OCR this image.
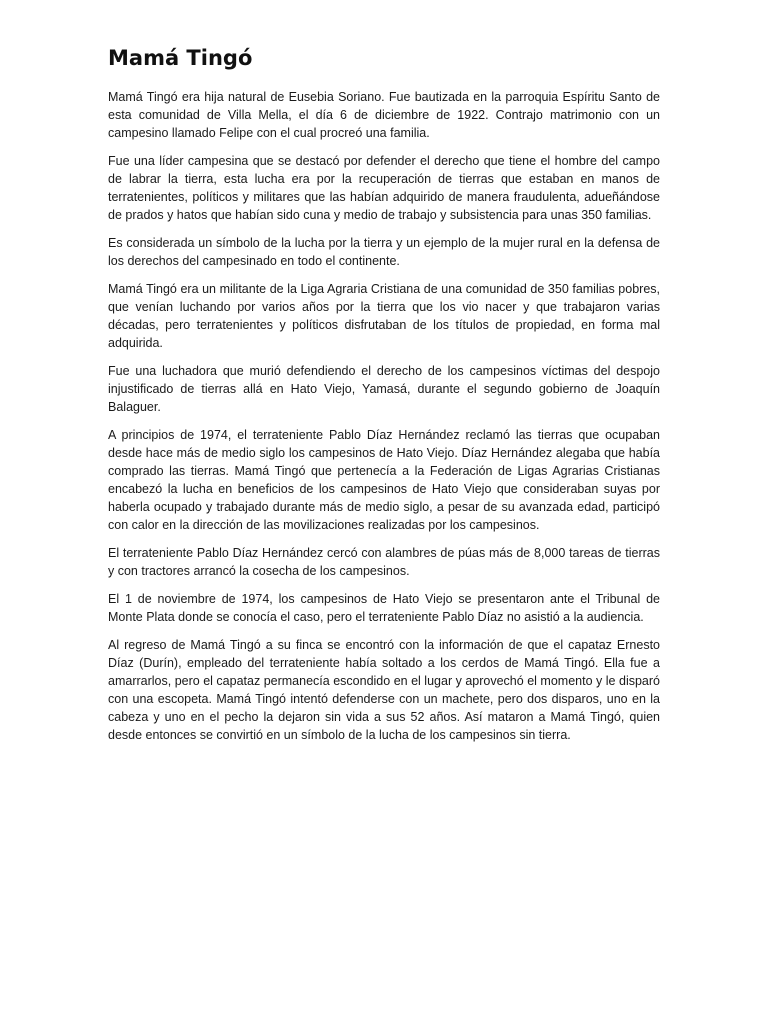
Mamá Tingó

Mamá Tingó era hija natural de Eusebia Soriano. Fue bautizada en la parroquia Espíritu Santo de esta comunidad de Villa Mella, el día 6 de diciembre de 1922. Contrajo matrimonio con un campesino llamado Felipe con el cual procreó una familia.

Fue una líder campesina que se destacó por defender el derecho que tiene el hombre del campo de labrar la tierra, esta lucha era por la recuperación de tierras que estaban en manos de terratenientes, políticos y militares que las habían adquirido de manera fraudulenta, adueñándose de prados y hatos que habían sido cuna y medio de trabajo y subsistencia para unas 350 familias.

Es considerada un símbolo de la lucha por la tierra y un ejemplo de la mujer rural en la defensa de los derechos del campesinado en todo el continente.

Mamá Tingó era un militante de la Liga Agraria Cristiana de una comunidad de 350 familias pobres, que venían luchando por varios años por la tierra que los vio nacer y que trabajaron varias décadas, pero terratenientes y políticos disfrutaban de los títulos de propiedad, en forma mal adquirida.

Fue una luchadora que murió defendiendo el derecho de los campesinos víctimas del despojo injustificado de tierras allá en Hato Viejo, Yamasá, durante el segundo gobierno de Joaquín Balaguer.

A principios de 1974, el terrateniente Pablo Díaz Hernández reclamó las tierras que ocupaban desde hace más de medio siglo los campesinos de Hato Viejo. Díaz Hernández alegaba que había comprado las tierras. Mamá Tingó que pertenecía a la Federación de Ligas Agrarias Cristianas encabezó la lucha en beneficios de los campesinos de Hato Viejo que consideraban suyas por haberla ocupado y trabajado durante más de medio siglo, a pesar de su avanzada edad, participó con calor en la dirección de las movilizaciones realizadas por los campesinos.

El terrateniente Pablo Díaz Hernández cercó con alambres de púas más de 8,000 tareas de tierras y con tractores arrancó la cosecha de los campesinos.

El 1 de noviembre de 1974, los campesinos de Hato Viejo se presentaron ante el Tribunal de Monte Plata donde se conocía el caso, pero el terrateniente Pablo Díaz no asistió a la audiencia.

Al regreso de Mamá Tingó a su finca se encontró con la información de que el capataz Ernesto Díaz (Durín), empleado del terrateniente había soltado a los cerdos de Mamá Tingó. Ella fue a amarrarlos, pero el capataz permanecía escondido en el lugar y aprovechó el momento y le disparó con una escopeta. Mamá Tingó intentó defenderse con un machete, pero dos disparos, uno en la cabeza y uno en el pecho la dejaron sin vida a sus 52 años. Así mataron a Mamá Tingó, quien desde entonces se convirtió en un símbolo de la lucha de los campesinos sin tierra.
